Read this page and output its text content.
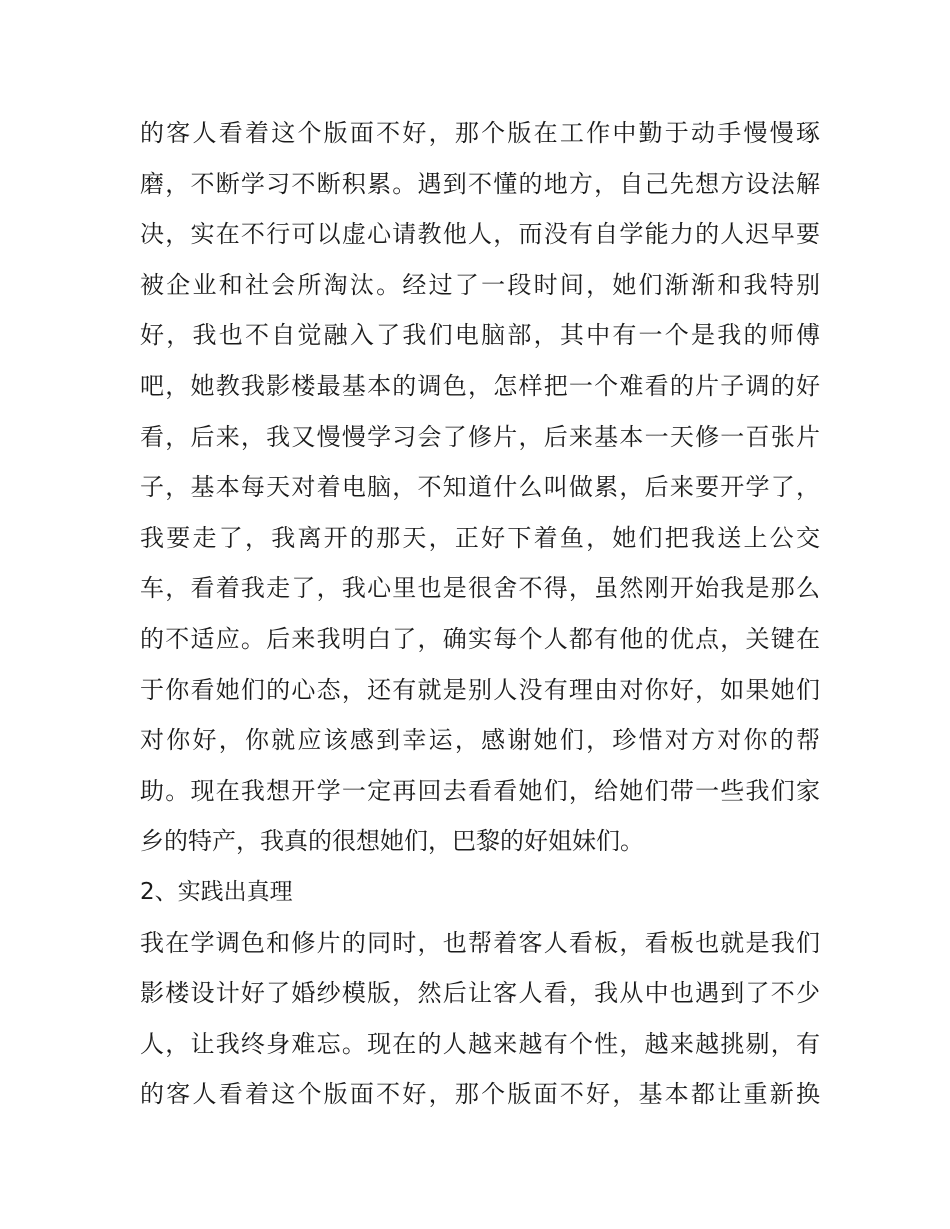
的客人看着这个版面不好，那个版在工作中勤于动手慢慢琢
磨，不断学习不断积累。遇到不懂的地方，自己先想方设法解
决，实在不行可以虚心请教他人，而没有自学能力的人迟早要
被企业和社会所淘汰。经过了一段时间，她们渐渐和我特别
好，我也不自觉融入了我们电脑部，其中有一个是我的师傅
吧，她教我影楼最基本的调色，怎样把一个难看的片子调的好
看，后来，我又慢慢学习会了修片，后来基本一天修一百张片
子，基本每天对着电脑，不知道什么叫做累，后来要开学了，
我要走了，我离开的那天，正好下着鱼，她们把我送上公交
车，看着我走了，我心里也是很舍不得，虽然刚开始我是那么
的不适应。后来我明白了，确实每个人都有他的优点，关键在
于你看她们的心态，还有就是别人没有理由对你好，如果她们
对你好，你就应该感到幸运，感谢她们，珍惜对方对你的帮
助。现在我想开学一定再回去看看她们，给她们带一些我们家
乡的特产，我真的很想她们，巴黎的好姐妹们。
2、实践出真理
我在学调色和修片的同时，也帮着客人看板，看板也就是我们
影楼设计好了婚纱模版，然后让客人看，我从中也遇到了不少
人，让我终身难忘。现在的人越来越有个性，越来越挑剔，有
的客人看着这个版面不好，那个版面不好，基本都让重新换
